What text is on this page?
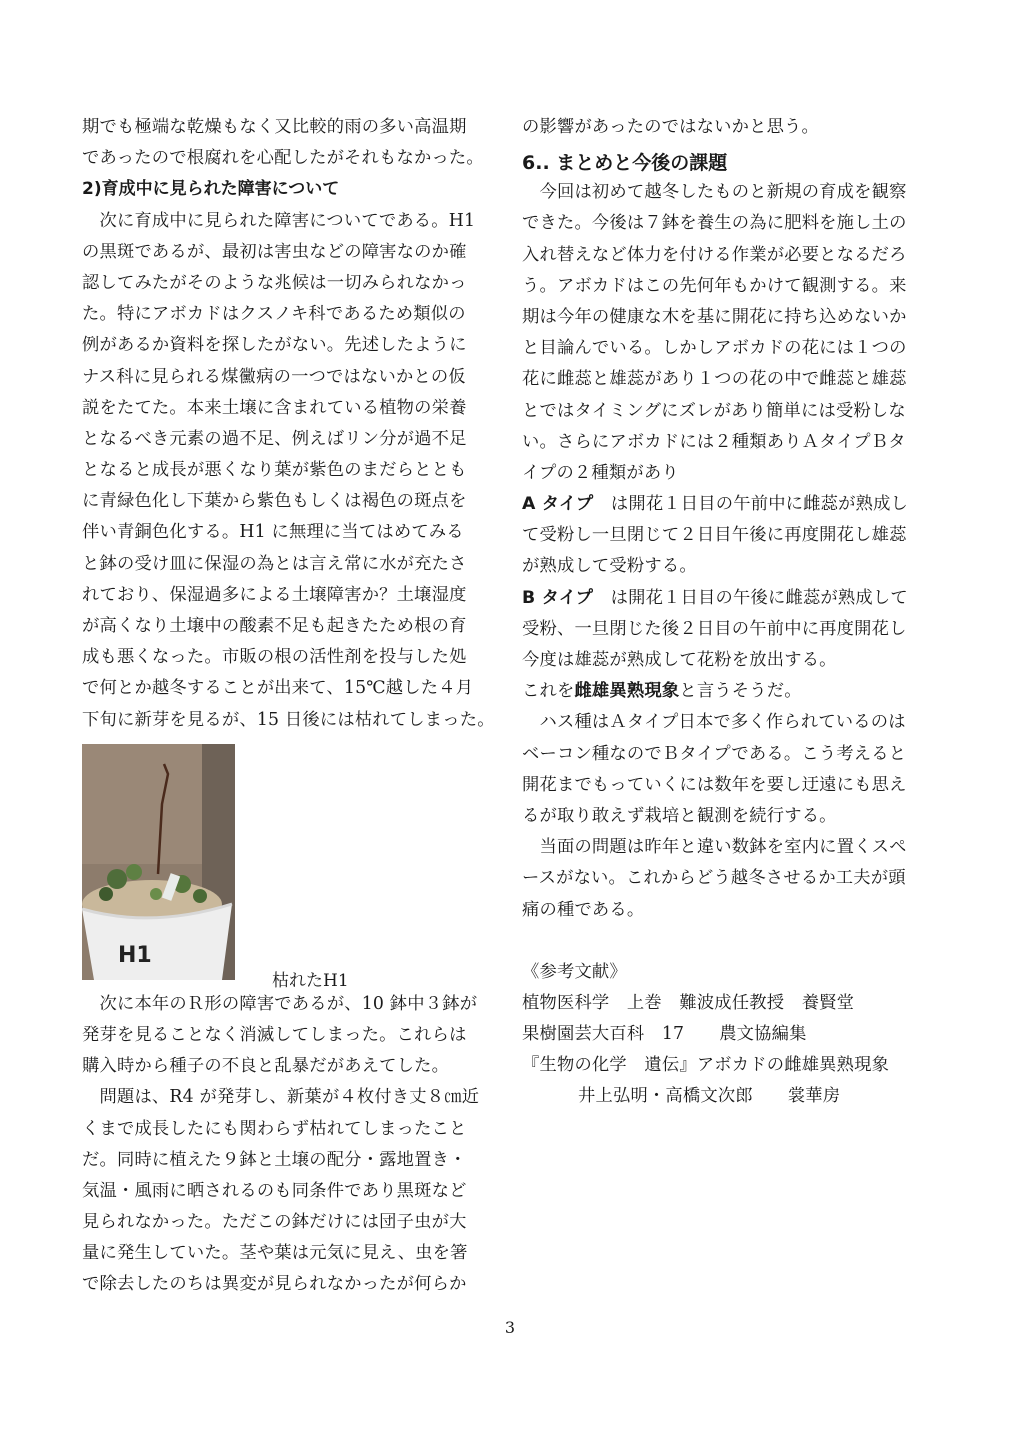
期でも極端な乾燥もなく又比較的雨の多い高温期
であったので根腐れを心配したがそれもなかった。
2)育成中に見られた障害について
　次に育成中に見られた障害についてである。H1
の黒斑であるが、最初は害虫などの障害なのか確
認してみたがそのような兆候は一切みられなかっ
た。特にアボカドはクスノキ科であるため類似の
例があるか資料を探したがない。先述したように
ナス科に見られる煤黴病の一つではないかとの仮
説をたてた。本来土壌に含まれている植物の栄養
となるべき元素の過不足、例えばリン分が過不足
となると成長が悪くなり葉が紫色のまだらととも
に青緑色化し下葉から紫色もしくは褐色の斑点を
伴い青銅色化する。H1 に無理に当てはめてみる
と鉢の受け皿に保湿の為とは言え常に水が充たさ
れており、保湿過多による土壌障害か？土壌湿度
が高くなり土壌中の酸素不足も起きたため根の育
成も悪くなった。市販の根の活性剤を投与した処
で何とか越冬することが出来て、15℃越した４月
下旬に新芽を見るが、15 日後には枯れてしまった。
H1
枯れたH1
　次に本年のＲ形の障害であるが、10 鉢中３鉢が
発芽を見ることなく消滅してしまった。これらは
購入時から種子の不良と乱暴だがあえてした。
　問題は、R4 が発芽し、新葉が４枚付き丈８㎝近
くまで成長したにも関わらず枯れてしまったこと
だ。同時に植えた９鉢と土壌の配分・露地置き・
気温・風雨に晒されるのも同条件であり黒斑など
見られなかった。ただこの鉢だけには団子虫が大
量に発生していた。茎や葉は元気に見え、虫を箸
で除去したのちは異変が見られなかったが何らか
の影響があったのではないかと思う。
6.. まとめと今後の課題
　今回は初めて越冬したものと新規の育成を観察
できた。今後は７鉢を養生の為に肥料を施し土の
入れ替えなど体力を付ける作業が必要となるだろ
う。アボカドはこの先何年もかけて観測する。来
期は今年の健康な木を基に開花に持ち込めないか
と目論んでいる。しかしアボカドの花には１つの
花に雌蕊と雄蕊があり１つの花の中で雌蕊と雄蕊
とではタイミングにズレがあり簡単には受粉しな
い。さらにアボカドには２種類ありＡタイプＢタ
イプの２種類があり
A タイプ　は開花１日目の午前中に雌蕊が熟成し
て受粉し一旦閉じて２日目午後に再度開花し雄蕊
が熟成して受粉する。
B タイプ　は開花１日目の午後に雌蕊が熟成して
受粉、一旦閉じた後２日目の午前中に再度開花し
今度は雄蕊が熟成して花粉を放出する。
これを雌雄異熟現象と言うそうだ。
　ハス種はＡタイプ日本で多く作られているのは
ベーコン種なのでＢタイプである。こう考えると
開花までもっていくには数年を要し迂遠にも思え
るが取り敢えず栽培と観測を続行する。
　当面の問題は昨年と違い数鉢を室内に置くスペ
ースがない。これからどう越冬させるか工夫が頭
痛の種である。
《参考文献》
植物医科学　上巻　難波成任教授　養賢堂
果樹園芸大百科　17　　農文協編集
『生物の化学　遺伝』アボカドの雌雄異熟現象
井上弘明・高橋文次郎　　裳華房
3
